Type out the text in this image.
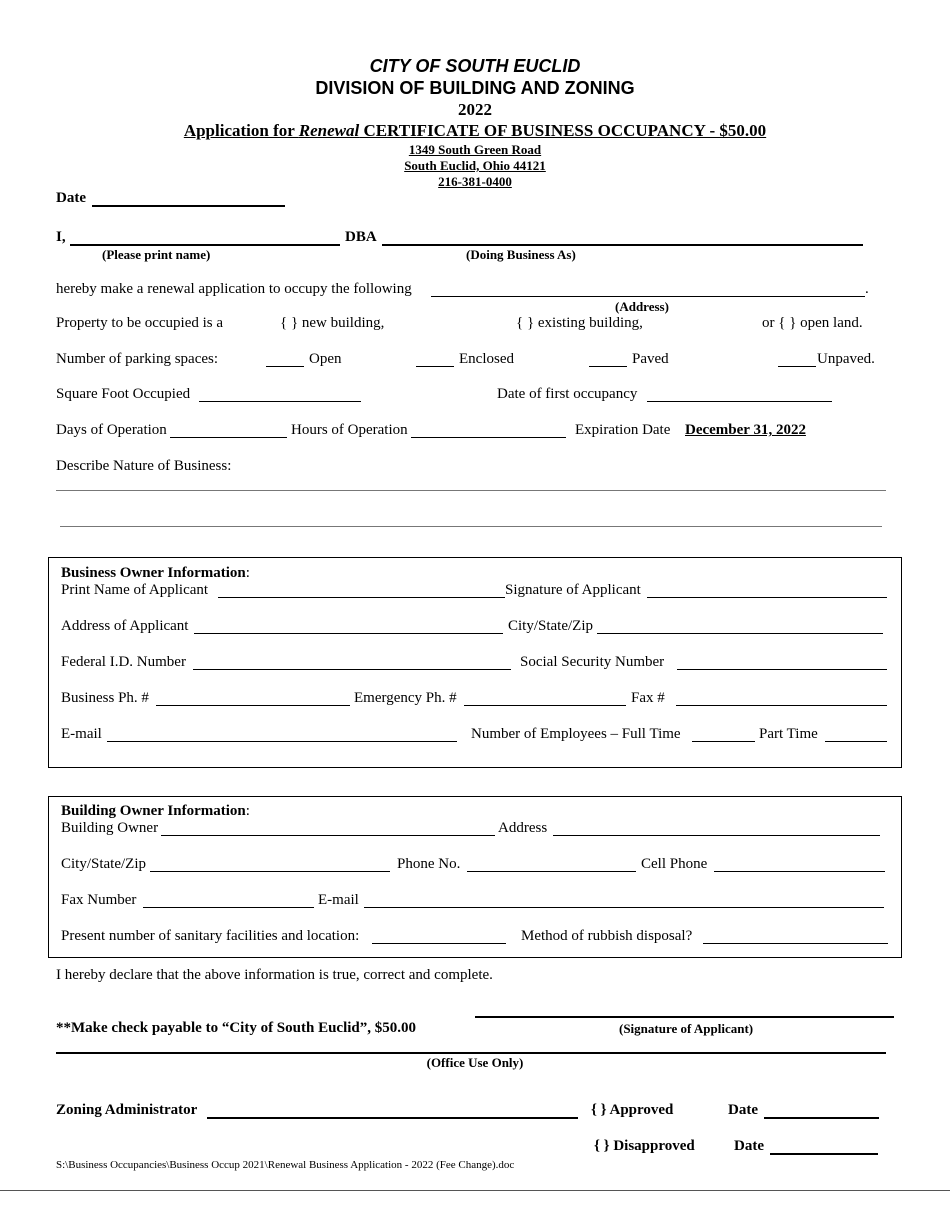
CITY OF SOUTH EUCLID
DIVISION OF BUILDING AND ZONING
2022
Application for Renewal CERTIFICATE OF BUSINESS OCCUPANCY - $50.00
1349 South Green Road
South Euclid, Ohio 44121
216-381-0400
Date
I,	DBA
(Please print name)	(Doing Business As)
hereby make a renewal application to occupy the following	.
(Address)
Property to be occupied is a	{ } new building,	{ } existing building,	or { } open land.
Number of parking spaces:	Open	Enclosed	Paved	Unpaved.
Square Foot Occupied	Date of first occupancy
Days of Operation	Hours of Operation	Expiration Date December 31, 2022
Describe Nature of Business:
Business Owner Information:
Print Name of Applicant	Signature of Applicant
Address of Applicant	City/State/Zip
Federal I.D. Number	Social Security Number
Business Ph. #	Emergency Ph. #	Fax #
E-mail	Number of Employees – Full Time	Part Time
Building Owner Information:
Building Owner	Address
City/State/Zip	Phone No.	Cell Phone
Fax Number	E-mail
Present number of sanitary facilities and location:	Method of rubbish disposal?
I hereby declare that the above information is true, correct and complete.
**Make check payable to “City of South Euclid”, $50.00	(Signature of Applicant)
(Office Use Only)
Zoning Administrator	{ } Approved	Date
{ } Disapproved	Date
S:\Business Occupancies\Business Occup 2021\Renewal Business Application - 2022 (Fee Change).doc
